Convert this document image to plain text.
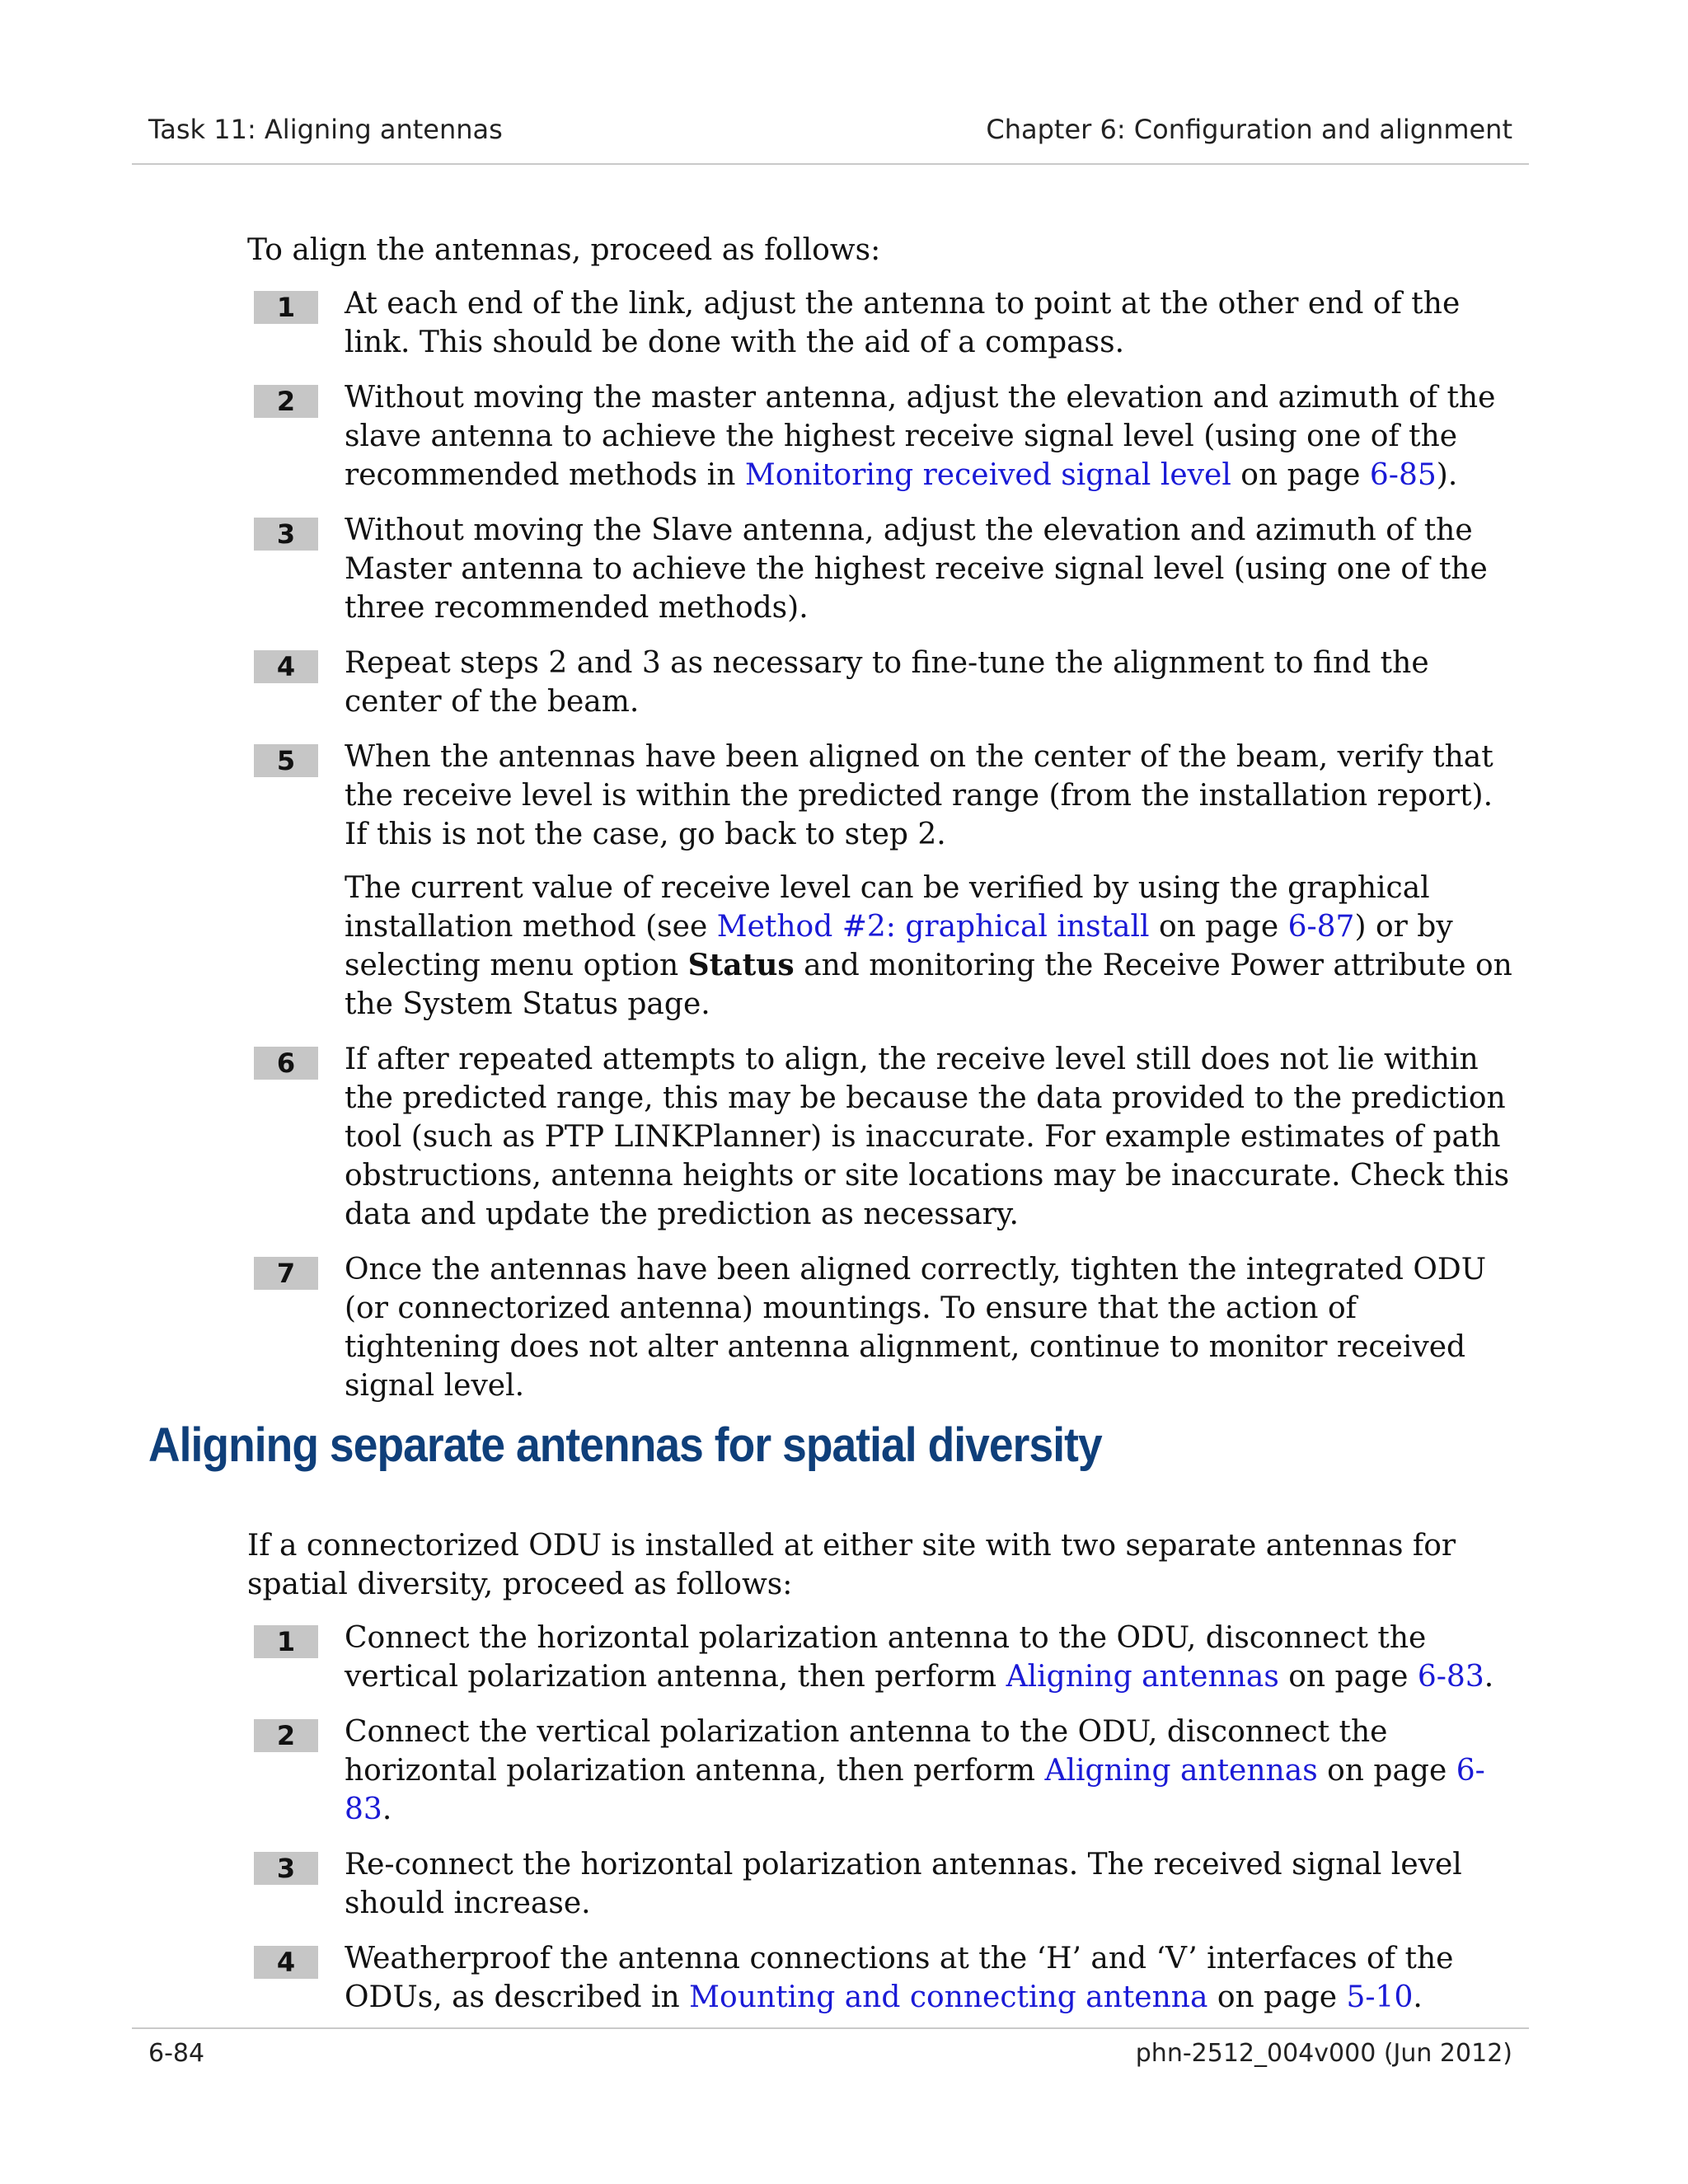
Task 11: Aligning antennas	Chapter 6: Configuration and alignment

To align the antennas, proceed as follows:

1	At each end of the link, adjust the antenna to point at the other end of the link. This should be done with the aid of a compass.

2	Without moving the master antenna, adjust the elevation and azimuth of the slave antenna to achieve the highest receive signal level (using one of the recommended methods in Monitoring received signal level on page 6-85).

3	Without moving the Slave antenna, adjust the elevation and azimuth of the Master antenna to achieve the highest receive signal level (using one of the three recommended methods).

4	Repeat steps 2 and 3 as necessary to fine-tune the alignment to find the center of the beam.

5	When the antennas have been aligned on the center of the beam, verify that the receive level is within the predicted range (from the installation report). If this is not the case, go back to step 2.

The current value of receive level can be verified by using the graphical installation method (see Method #2: graphical install on page 6-87) or by selecting menu option Status and monitoring the Receive Power attribute on the System Status page.

6	If after repeated attempts to align, the receive level still does not lie within the predicted range, this may be because the data provided to the prediction tool (such as PTP LINKPlanner) is inaccurate. For example estimates of path obstructions, antenna heights or site locations may be inaccurate. Check this data and update the prediction as necessary.

7	Once the antennas have been aligned correctly, tighten the integrated ODU (or connectorized antenna) mountings. To ensure that the action of tightening does not alter antenna alignment, continue to monitor received signal level.

Aligning separate antennas for spatial diversity

If a connectorized ODU is installed at either site with two separate antennas for spatial diversity, proceed as follows:

1	Connect the horizontal polarization antenna to the ODU, disconnect the vertical polarization antenna, then perform Aligning antennas on page 6-83.

2	Connect the vertical polarization antenna to the ODU, disconnect the horizontal polarization antenna, then perform Aligning antennas on page 6-83.

3	Re-connect the horizontal polarization antennas. The received signal level should increase.

4	Weatherproof the antenna connections at the ‘H’ and ‘V’ interfaces of the ODUs, as described in Mounting and connecting antenna on page 5-10.

6-84	phn-2512_004v000 (Jun 2012)
